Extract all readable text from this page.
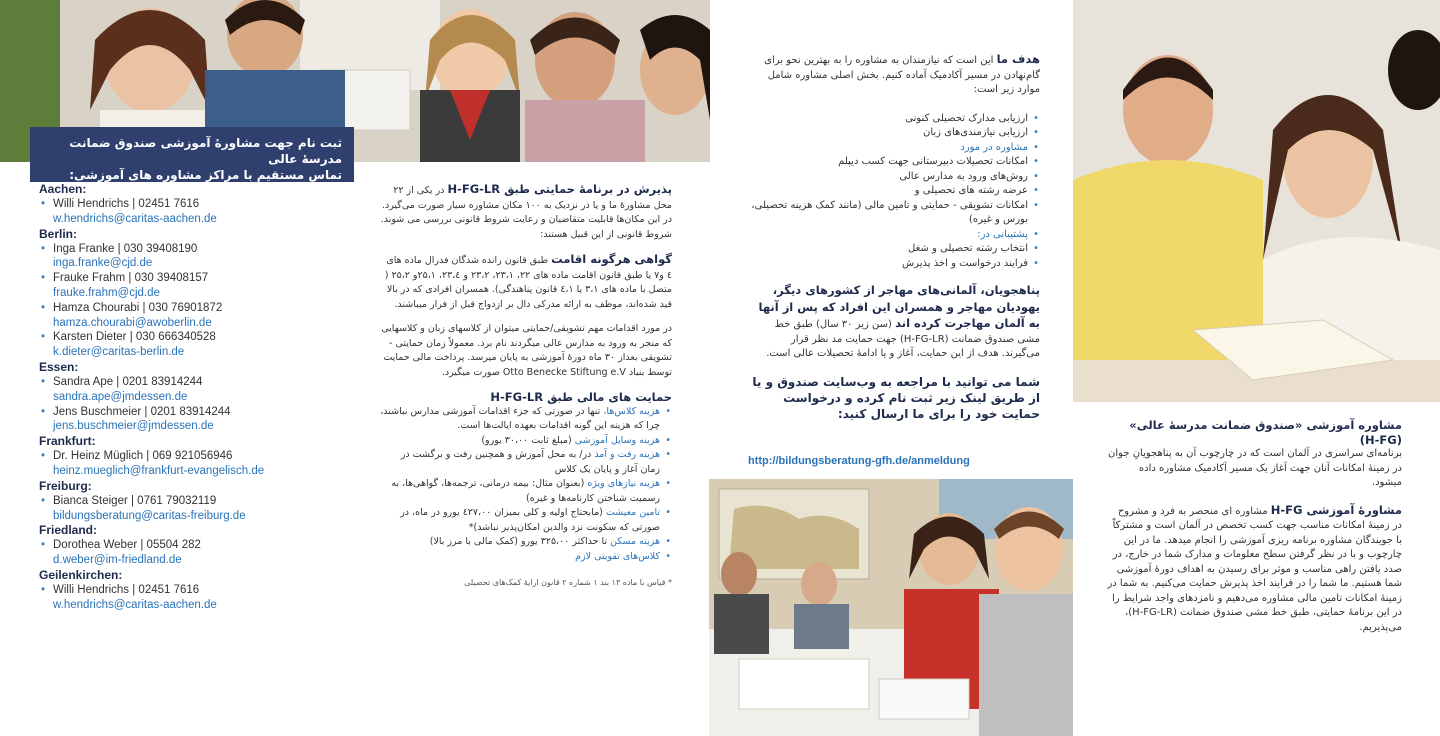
ثبت نام جهت مشاورهٔ آموزشی صندوق ضمانت مدرسهٔ عالی
تماس مستقیم با مراکز مشاوره های آموزشی:
Aachen:
• Willi Hendrichs | 02451 7616
w.hendrichs@caritas-aachen.de
Berlin:
• Inga Franke | 030 39408190
inga.franke@cjd.de
• Frauke Frahm | 030 39408157
frauke.frahm@cjd.de
• Hamza Chourabi | 030 76901872
hamza.chourabi@awoberlin.de
• Karsten Dieter | 030 666340528
k.dieter@caritas-berlin.de
Essen:
• Sandra Ape | 0201 83914244
sandra.ape@jmdessen.de
• Jens Buschmeier | 0201 83914244
jens.buschmeier@jmdessen.de
Frankfurt:
• Dr. Heinz Müglich | 069 921056946
heinz.mueglich@frankfurt-evangelisch.de
Freiburg:
• Bianca Steiger | 0761 79032119
bildungsberatung@caritas-freiburg.de
Friedland:
• Dorothea Weber | 05504 282
d.weber@im-friedland.de
Geilenkirchen:
• Willi Hendrichs | 02451 7616
w.hendrichs@caritas-aachen.de
پذیرش در برنامهٔ حمایتی طبق H-FG-LR در یکی از ۲۲ محل مشاورهٔ ما و یا در نزدیک به ۱۰۰ مکان مشاوره سیار صورت می‌گیرد. در این مکان‌ها قابلیت متقاضیان و رعایت شروط قانونی بررسی می شوند. شروط قانونی از این قبیل هستند:
گواهی هرگونه اقامت طبق قانون رانده شدگان فدرال ماده های ٤ و۷ یا طبق قانون اقامت ماده های ۲۲، ۲۳،۱، ۲۳،۲ و ۲۳،٤، ۲۵،۱و ۲۵،۲ ( متصل با ماده های ۳،۱ یا ٤،۱ قانون پناهندگی). همسران افرادی که در بالا قید شده‌اند، موظف به ارائه مدرکی دال بر ازدواج قبل از فرار میباشند.
در مورد اقدامات مهم تشویقی/حمایتی میتوان از کلاسهای زبان و کلاسهایی که منجر به ورود به مدارس عالی میگردند نام برد. معمولاً زمان حمایتی - تشویقی بعداز ۳۰ ماه دورهٔ آموزشی به پایان میرسد. پرداخت مالی حمایت توسط بنیاد Otto Benecke Stiftung e.V صورت میگیرد.
حمایت های مالی طبق H-FG-LR
• هزینه کلاس‌ها، تنها در صورتی که جزء اقدامات آموزشی مدارس نباشند، چرا که هزینه این گونه اقدامات بعهده ایالت‌ها است.
• هزینه وسایل آموزشی (مبلغ ثابت ۳۰،۰۰ یورو)
• هزینه رفت و آمد در/ به محل آموزش و همچنین رفت و برگشت در زمان آغاز و پایان یک کلاس
• هزینه نیازهای ویژه (بعنوان مثال: بیمه درمانی، ترجمه‌ها، گواهی‌ها، به رسمیت شناختن کارنامه‌ها و غیره)
• تامین معیشت (مابحتاج اولیه و کلی بمیزان ٤۲۷،۰۰ یورو در ماه، در صورتی که سکونت نزد والدین امکان‌پذیر نباشد)*
• هزینه مسکن تا حداکثر ۳۲۵،۰۰ یورو (کمک مالی با مرز بالا)
• کلاس‌های تقویتی لازم
* قیاس با ماده ۱۳ بند ۱ شماره ۲ قانون ارایهٔ کمک‌های تحصیلی
هدف ما این است که نیازمندان به مشاوره را به بهترین نحو برای گام‌نهادن در مسیر آکادمیک آماده کنیم. بخش اصلی مشاوره شامل موارد زیر است:
• ارزیابی مدارک تحصیلی کنونی
• ارزیابی نیازمندی‌های زبان
• مشاوره در مورد
• امکانات تحصیلات دبیرستانی جهت کسب دیپلم
• روش‌های ورود به مدارس عالی
• عرضه رشته های تحصیلی و
• امکانات تشویقی - حمایتی و تامین مالی (مانند کمک هزینه تحصیلی، بورس و غیره)
• پشتیبانی در:
• انتخاب رشته تحصیلی و شغل
• فرایند درخواست و اخذ پذیرش
پناهجویان، آلمانی‌های مهاجر از کشورهای دیگر، یهودیان مهاجر و همسران این افراد که پس از آنها به آلمان مهاجرت کرده اند (سن زیر ۳۰ سال) طبق خط مشی صندوق ضمانت (H-FG-LR) جهت حمایت مد نظر قرار می‌گیرند. هدف از این حمایت، آغاز و یا ادامهٔ تحصیلات عالی است.
شما می توانید با مراجعه به وب‌سایت صندوق و یا از طریق لینک زیر ثبت نام کرده و درخواست حمایت خود را برای ما ارسال کنید:
http://bildungsberatung-gfh.de/anmeldung
مشاوره آموزشی «صندوق ضمانت مدرسهٔ عالی» (H-FG)
برنامه‌ای سراسری در آلمان است که در چارچوب آن به پناهجویانِ جوان در زمینهٔ امکانات آنان جهت آغاز یک مسیر آکادمیک مشاوره داده میشود.
مشاورهٔ آموزشی H-FG مشاوره ای منحصر به فرد و مشروح در زمینهٔ امکانات مناسب جهت کسب تخصص در آلمان است و مشترکاً با جویندگان مشاوره برنامه ریزی آموزشی را انجام میدهد. ما در این چارچوب و با در نظر گرفتن سطح معلومات و مدارک شما در خارج، در صدد یافتن راهی مناسب و موثر برای رسیدن به اهداف دورهٔ آموزشی شما هستیم. ما شما را در فرایند اخذ پذیرش حمایت می‌کنیم. به شما در زمینهٔ امکانات تامین مالی مشاوره می‌دهیم و نامزدهای واجد شرایط را در این برنامهٔ حمایتی، طبق خط مشی صندوق ضمانت (H-FG-LR)، می‌پذیریم.
